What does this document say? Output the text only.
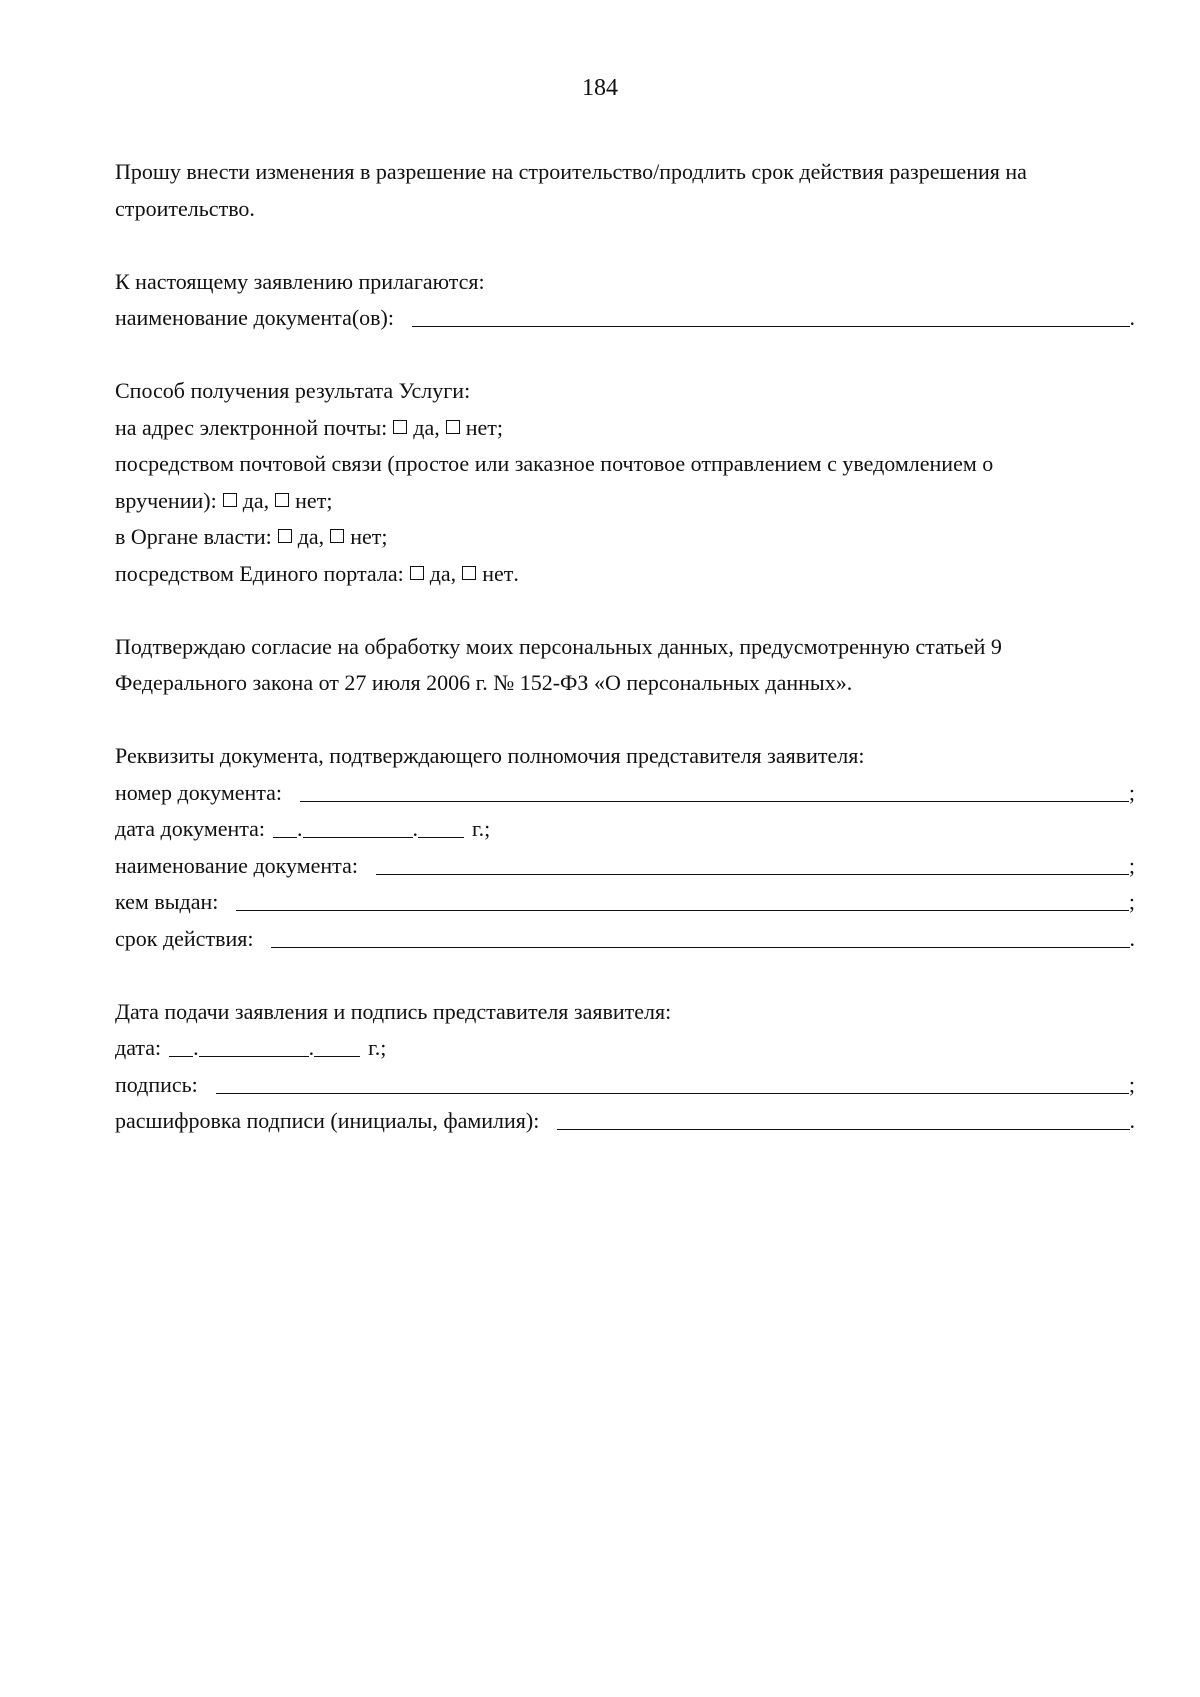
184
Прошу внести изменения в разрешение на строительство/продлить срок действия разрешения на строительство.
К настоящему заявлению прилагаются:
наименование документа(ов):	.
Способ получения результата Услуги:
на адрес электронной почты: да, нет ;
посредством почтовой связи (простое или заказное почтовое отправлением с уведомлением о
вручении): да, нет ;
в Органе власти: да, нет ;
посредством Единого портала: да, нет .
Подтверждаю согласие на обработку моих персональных данных, предусмотренную статьей 9 Федерального закона от 27 июля 2006 г. № 152-ФЗ «О персональных данных».
Реквизиты документа, подтверждающего полномочия представителя заявителя:
номер документа:	;
дата документа: .	. г.;
наименование документа:	;
кем выдан:	;
срок действия:	.
Дата подачи заявления и подпись представителя заявителя:
дата: .	. г.;
подпись:	;
расшифровка подписи (инициалы, фамилия):	.
